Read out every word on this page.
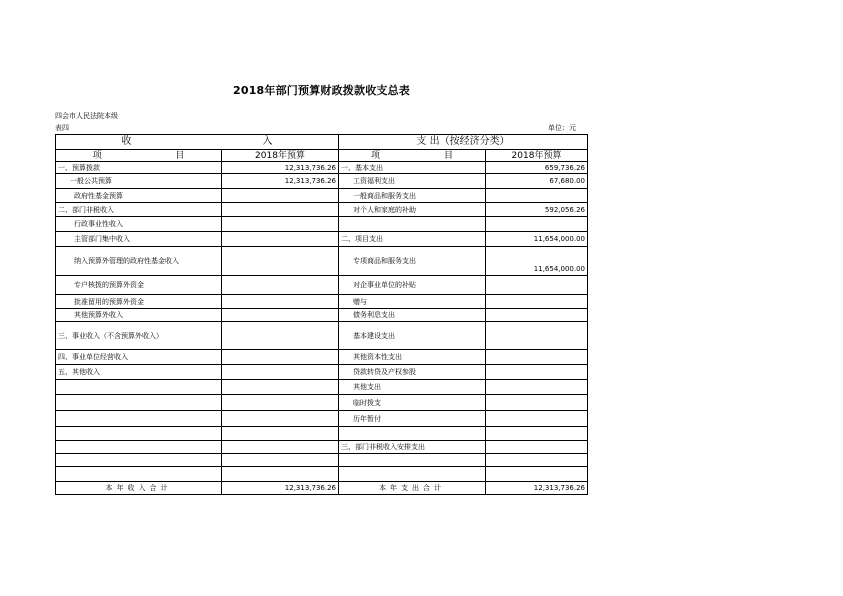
2018年部门预算财政拨款收支总表
四会市人民法院本级
表四	单位：元
收 入		支 出（按经济分类）	

项 目	2018年预算	项 目	2018年预算
一、预算拨款	12,313,736.26	一、基本支出	659,736.26
一般公共预算	12,313,736.26	工资福利支出	67,680.00
政府性基金预算		一般商品和服务支出	
二、部门非税收入		对个人和家庭的补助	592,056.26
行政事业性收入			
主管部门集中收入		二、项目支出	11,654,000.00
纳入预算外管理的政府性基金收入		专项商品和服务支出	11,654,000.00
专户核拨的预算外资金		对企事业单位的补贴	
批准留用的预算外资金		赠与	
其他预算外收入		债务利息支出	
三、事业收入（不含预算外收入）		基本建设支出	
四、事业单位经营收入		其他资本性支出	
五、其他收入		贷款转贷及产权参股	
		其他支出	
		临时拨支	
		历年暂付	

		三、部门非税收入安排支出	

本年收入合计	12,313,736.26	本年支出合计	12,313,736.26
